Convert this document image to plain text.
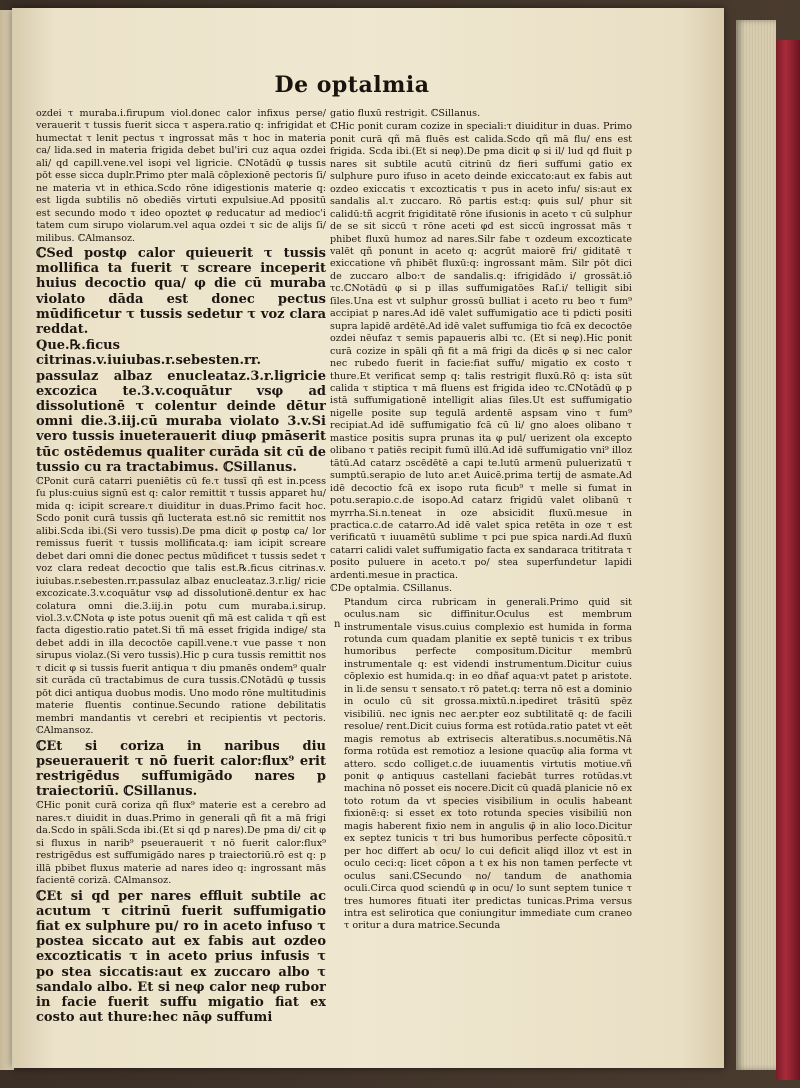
De optalmia

ozdei τ muraba.i.firupum viol.donec calor infixus perse/ verauerit τ tussis fuerit sicca τ aspera.ratio q: infrigidat et humectat τ lenit pectus τ ingrossat mās τ hoc in materia ca/ lida.sed in materia frigida debet bul'iri cuz aqua ozdei ali/ qd capill.vene.vel isopi vel ligricie. ℂNotādū φ tussis pōt esse sicca duplr.Primo pter malā cōplexionē pectoris ſi/ ne materia vt in ethica.Scdo rōne idigestionis materie q: est ligda subtilis nō obediēs virtuti expulsiue.Ad ppositū est secundo modo τ ideo opoztet φ reducatur ad medioc'i tatem cum sirupo violarum.vel aqua ozdei τ sic de alijs ſi/ milibus. ℂAlmansoz.

ℂSed postφ calor quieuerit τ tussis mollifica ta fuerit τ screare inceperit huius decoctio qua/ φ die cū muraba violato dāda est donec pectus mūdificetur τ tussis sedetur τ voz clara reddat.

Que.℞.ficus citrinas.v.iuiubas.r.sebesten.rr. passulaz albaz enucleataz.3.r.ligricie excozica te.3.v.coquātur vsφ ad dissolutionē τ colentur deinde dētur omni die.3.iij.cū muraba violato 3.v.Si vero tussis inueterauerit diuφ pmāserit tūc ostēdemus qualiter curāda sit cū de tussio cu ra tractabimus. ℂSillanus.

ℂPonit curā catarri pueniētis cū fe.τ tussī qñ est in.pcess ſu plus:cuius signū est q: calor remittit τ tussis apparet hu/ mida q: icipit screare.τ diuiditur in duas.Primo facit hoc. Scdo ponit curā tussis qñ lucterata est.nō sic remittit nos alibi.Scda ibi.(Si vero tussis).De pma dicit φ postφ ca/ lor remissus fuerit τ tussis mollificata.q: iam icipit screare debet dari omni die donec pectus mūdificet τ tussis sedet τ voz clara redeat decoctio que talis est.℞.ficus citrinas.v. iuiubas.r.sebesten.rr.passulaz albaz enucleataz.3.r.lig/ ricie excozicate.3.v.coquātur vsφ ad dissolutionē.dentur ex hac colatura omni die.3.iij.in potu cum muraba.i.sirup. viol.3.v.ℂNota φ iste potus ɔuenit qñ mā est calida τ qñ est facta digestio.ratio patet.Si tñ mā esset frigida indige/ sta debet addi in illa decoctōe capill.vene.τ vue passe τ non sirupus violaz.(Si vero tussis).Hic p cura tussis remittit nos τ dicit φ si tussis fuerit antiqua τ diu pmanēs ondem⁹ qualr sit curāda cū tractabimus de cura tussis.ℂNotādū φ tussis pōt dici antiqua duobus modis. Uno modo rōne multitudinis materie fluentis continue.Secundo ratione debilitatis membri mandantis vt cerebri et recipientis vt pectoris. ℂAlmansoz.

ℂEt si coriza in naribus diu pseuerauerit τ nō fuerit calor:flux⁹ erit restrigēdus suffumigādo nares p traiectoriū. ℂSillanus.

ℂHic ponit curā coriza qñ flux⁹ materie est a cerebro ad nares.τ diuidit in duas.Primo in generali qñ fit a mā frigi da.Scdo in spāli.Scda ibi.(Et si qd p nares).De pma di/ cit φ si fluxus in narib⁹ pseuerauerit τ nō fuerit calor:flux⁹ restrigēdus est suffumigādo nares p traiectoriū.rō est q: p illā pbibet fluxus materie ad nares ideo q: ingrossant mās facientē corizā. ℂAlmansoz.

ℂEt si qd per nares effluit subtile ac acutum τ citrinū fuerit suffumigatio fiat ex sulphure pu/ ro in aceto infuso τ postea siccato aut ex fabis aut ozdeo excozticatis τ in aceto prius infusis τ po stea siccatis:aut ex zuccaro albo τ sandalo albo. Et si neφ calor neφ rubor in facie fuerit suffu migatio fiat ex costo aut thure:hec nāφ suffumi

gatio fluxū restrigit. ℂSillanus.

ℂHic ponit curam cozize in speciali:τ diuiditur in duas. Primo ponit curā qñ mā fluēs est calida.Scdo qñ mā flu/ ens est frigida. Scda ibi.(Et si neφ).De pma dicit φ si il/ lud qd fluit p nares sit subtile acutū citrinū dz fieri suffumi gatio ex sulphure puro ifuso in aceto deinde exiccato:aut ex fabis aut ozdeo exiccatis τ excozticatis τ pus in aceto infu/ sis:aut ex sandalis al.τ zuccaro. Rō partis est:q: φuis sul/ phur sit calidū:tñ acgrit frigiditatē rōne ifusionis in aceto τ cū sulphur de se sit siccū τ rōne aceti φd est siccū ingrossat mās τ phibet fluxū humoz ad nares.Silr fabe τ ozdeum excozticate valēt qñ ponunt in aceto q: acgrūt maiorē fri/ giditatē τ exiccatione vñ phibēt fluxū:q: ingrossant mām. Silr pōt dici de zuccaro albo:τ de sandalis.q: ifrigidādo i/ grossāt.iō τc.ℂNotādū φ si p illas suffumigatōes Raſ.i/ telligit sibi ſiles.Una est vt sulphur grossū bulliat i aceto ru beo τ fum⁹ accipiat p nares.Ad idē valet suffumigatio ace ti pdicti positi supra lapidē ardētē.Ad idē valet suffumiga tio fcā ex decoctōe ozdei nēufaz τ semis papaueris albi τc. (Et si neφ).Hic ponit curā cozize in spāli qñ fit a mā frigi da dicēs φ si nec calor nec rubedo fuerit in facie:fiat suffu/ migatio ex costo τ thure.Et verificat semp q: talis restrigit fluxū.Rō q: ista sūt calida τ stiptica τ mā fluens est frigida ideo τc.ℂNotādū φ p istā suffumigationē intelligit alias ſiles.Ut est suffumigatio nigelle posite sup tegulā ardentē aspsam vino τ fum⁹ recipiat.Ad idē suffumigatio fcā cū li/ gno aloes olibano τ mastice positis supra prunas ita φ pul/ uerizent ola excepto olibano τ patiēs recipit fumū illū.Ad idē suffumigatio vni⁹ illoz tātū.Ad catarz ɔscēdētē a capi te.lutū armenū puluerizatū τ sumptū.serapio de luto ar.et Auicē.prima tertij de asmate.Ad idē decoctio fcā ex isopo ruta ficub⁹ τ melle si fumat in potu.serapio.c.de isopo.Ad catarz frigidū valet olibanū τ myrrha.Si.n.teneat in oze absicidit fluxū.mesue in practica.c.de catarro.Ad idē valet spica retēta in oze τ est verificatū τ iuuamētū sublime τ pci pue spica nardi.Ad fluxū catarri calidi valet suffumigatio facta ex sandaraca trititrata τ posito puluere in aceto.τ po/ stea superfundetur lapidi ardenti.mesue in practica.

ℂDe optalmia. ℂSillanus.

Ptandum circa rubricam in generali.Primo quid sit oculus.nam sic diffinitur.Oculus est membrum instrumentale visus.cuius complexio est humida in forma rotunda cum quadam planitie ex septē tunicis τ ex tribus humoribus perfecte compositum.Dicitur membrū instrumentale q: est videndi instrumentum.Dicitur cuius cōplexio est humida.q: in eo dñaf aqua:vt patet p aristote. in li.de sensu τ sensato.τ rō patet.q: terra nō est a dominio in oculo cū sit grossa.mixtū.n.ipediret trāsitū spēz visibiliū. nec ignis nec aer.pter eoz subtilitatē q: de facili resolue/ rent.Dicit cuius forma est rotūda.ratio patet vt eēt magis remotus ab extrisecis alteratibus.s.nocumētis.Nā forma rotūda est remotioz a lesione quacūφ alia forma vt attero. scdo colliget.c.de iuuamentis virtutis motiue.vñ ponit φ antiquus castellani faciebāt turres rotūdas.vt machina nō posset eis nocere.Dicit cū quadā planicie nō ex toto rotum da vt species visibilium in oculis habeant fixionē:q: si esset ex toto rotunda species visibiliū non magis haberent fixio nem in angulis φ̄ in alio loco.Dicitur ex septez tunicis τ tri bus humoribus perfecte cōpositū.τ per hoc differt ab ocu/ lo cui deficit aliqd illoz vt est in oculo ceci:q: licet cōpon a t ex his non tamen perfecte vt oculus sani.ℂSecundo no/ tandum de anathomia oculi.Circa quod sciendū φ in ocu/ lo sunt septem tunice τ tres humores fituati iter predictas tunicas.Prima versus intra est selirotica que coniungitur immediate cum craneo τ oritur a dura matrice.Secunda

n
